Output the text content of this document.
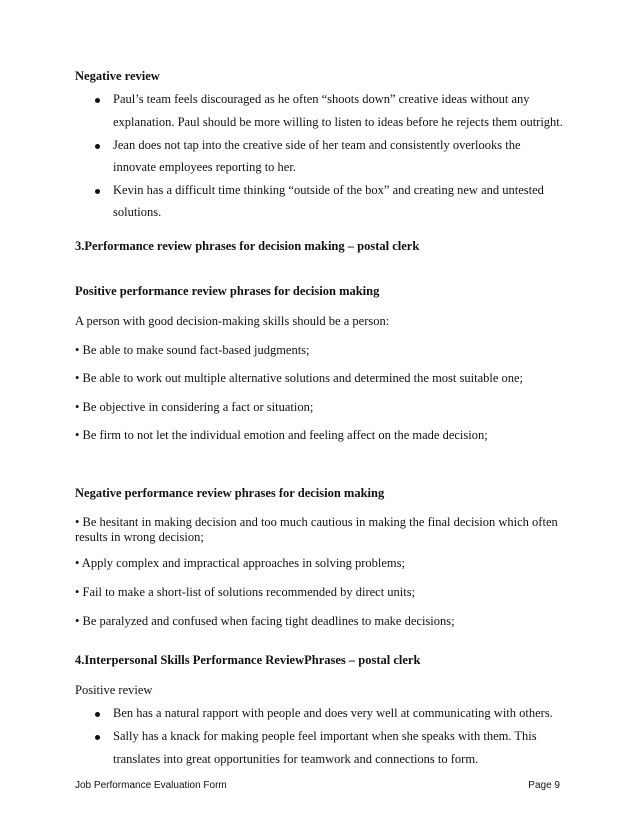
Negative review
Paul’s team feels discouraged as he often “shoots down” creative ideas without any
explanation. Paul should be more willing to listen to ideas before he rejects them outright.
Jean does not tap into the creative side of her team and consistently overlooks the
innovate employees reporting to her.
Kevin has a difficult time thinking “outside of the box” and creating new and untested
solutions.
3.Performance review phrases for decision making – postal clerk
Positive performance review phrases for decision making
A person with good decision-making skills should be a person:
• Be able to make sound fact-based judgments;
• Be able to work out multiple alternative solutions and determined the most suitable one;
• Be objective in considering a fact or situation;
• Be firm to not let the individual emotion and feeling affect on the made decision;
Negative performance review phrases for decision making
• Be hesitant in making decision and too much cautious in making the final decision which often
results in wrong decision;
• Apply complex and impractical approaches in solving problems;
• Fail to make a short-list of solutions recommended by direct units;
• Be paralyzed and confused when facing tight deadlines to make decisions;
4.Interpersonal Skills Performance ReviewPhrases – postal clerk
Positive review
Ben has a natural rapport with people and does very well at communicating with others.
Sally has a knack for making people feel important when she speaks with them. This
translates into great opportunities for teamwork and connections to form.
Job Performance Evaluation Form	Page 9
